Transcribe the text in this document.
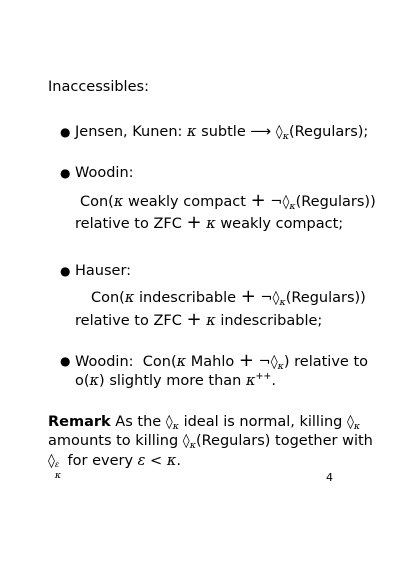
Inaccessibles:
● Jensen, Kunen: κ subtle ⟶ $◊_\kappa(Regulars)$;
● Woodin:
Con(κ weakly compact + $\neg◊_\kappa(Regulars)$)
relative to ZFC + κ weakly compact;
● Hauser:
Con(κ indescribable + $\neg◊_\kappa(Regulars)$)
relative to ZFC + κ indescribable;
● Woodin: Con(κ Mahlo + $\neg◊_\kappa$) relative to
o(κ) slightly more than κ++.
Remark As the $◊_\kappa$ ideal is normal, killing $◊_\kappa$
amounts to killing $◊_\kappa(Regulars)$ together with
◊ ε
κ
for every ε < κ.
4
